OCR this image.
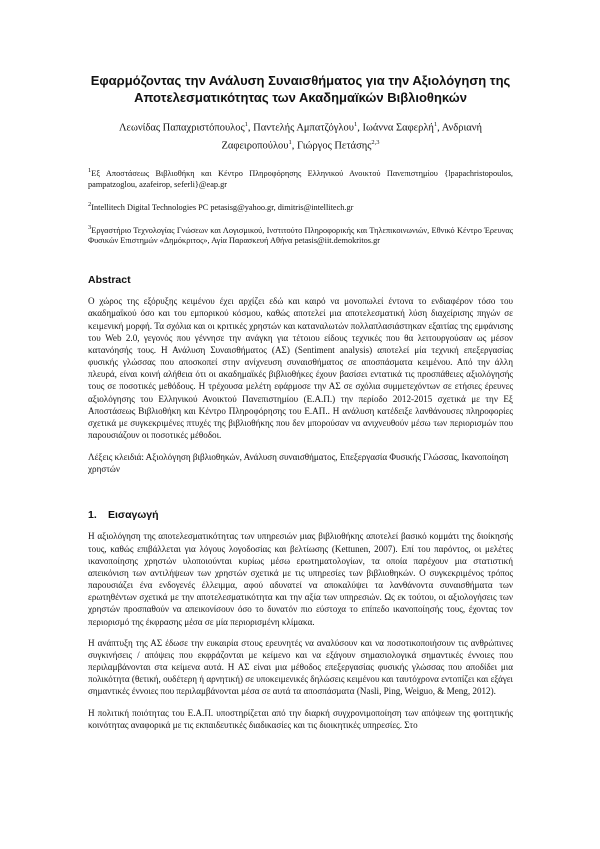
Εφαρμόζοντας την Ανάλυση Συναισθήματος για την Αξιολόγηση της Αποτελεσματικότητας των Ακαδημαϊκών Βιβλιοθηκών
Λεωνίδας Παπαχριστόπουλος$^1$, Παντελής Αμπατζόγλου$^1$, Ιωάννα Σαφερλή$^1$, Ανδριανή Ζαφειροπούλου$^1$, Γιώργος Πετάσης$^{2,3}$

$^1$Εξ Αποστάσεως Βιβλιοθήκη και Κέντρο Πληροφόρησης Ελληνικού Ανοικτού Πανεπιστημίου {lpapachristopoulos, pampatzoglou, azafeirop, seferli}@eap.gr

$^2$Intellitech Digital Technologies PC petasisg@yahoo.gr, dimitris@intellitech.gr

$^3$Εργαστήριο Τεχνολογίας Γνώσεων και Λογισμικού, Ινστιτούτο Πληροφορικής και Τηλεπικοινωνιών, Εθνικό Κέντρο Έρευνας Φυσικών Επιστημών «Δημόκριτος», Αγία Παρασκευή Αθήνα petasis@iit.demokritos.gr

Abstract

Ο χώρος της εξόρυξης κειμένου έχει αρχίζει εδώ και καιρό να μονοπωλεί έντονα το ενδιαφέρον τόσο του ακαδημαϊκού όσο και του εμπορικού κόσμου, καθώς αποτελεί μια αποτελεσματική λύση διαχείρισης πηγών σε κειμενική μορφή. Τα σχόλια και οι κριτικές χρηστών και καταναλωτών πολλαπλασιάστηκαν εξαιτίας της εμφάνισης του Web 2.0, γεγονός που γέννησε την ανάγκη για τέτοιου είδους τεχνικές που θα λειτουργούσαν ως μέσον κατανόησής τους. Η Ανάλυση Συναισθήματος (ΑΣ) (Sentiment analysis) αποτελεί μία τεχνική επεξεργασίας φυσικής γλώσσας που αποσκοπεί στην ανίχνευση συναισθήματος σε αποσπάσματα κειμένου. Από την άλλη πλευρά, είναι κοινή αλήθεια ότι οι ακαδημαϊκές βιβλιοθήκες έχουν βασίσει εντατικά τις προσπάθειες αξιολόγησής τους σε ποσοτικές μεθόδους. Η τρέχουσα μελέτη εφάρμοσε την ΑΣ σε σχόλια συμμετεχόντων σε ετήσιες έρευνες αξιολόγησης του Ελληνικού Ανοικτού Πανεπιστημίου (Ε.Α.Π.) την περίοδο 2012-2015 σχετικά με την Εξ Αποστάσεως Βιβλιοθήκη και Κέντρο Πληροφόρησης του Ε.ΑΠ.. Η ανάλυση κατέδειξε λανθάνουσες πληροφορίες σχετικά με συγκεκριμένες πτυχές της βιβλιοθήκης που δεν μπορούσαν να ανιχνευθούν μέσω των περιορισμών που παρουσιάζουν οι ποσοτικές μέθοδοι.

Λέξεις κλειδιά: Αξιολόγηση βιβλιοθηκών, Ανάλυση συναισθήματος, Επεξεργασία Φυσικής Γλώσσας, Ικανοποίηση χρηστών

1. Εισαγωγή

Η αξιολόγηση της αποτελεσματικότητας των υπηρεσιών μιας βιβλιοθήκης αποτελεί βασικό κομμάτι της διοίκησής τους, καθώς επιβάλλεται για λόγους λογοδοσίας και βελτίωσης (Kettunen, 2007). Επί του παρόντος, οι μελέτες ικανοποίησης χρηστών υλοποιούνται κυρίως μέσω ερωτηματολογίων, τα οποία παρέχουν μια στατιστική απεικόνιση των αντιλήψεων των χρηστών σχετικά με τις υπηρεσίες των βιβλιοθηκών. Ο συγκεκριμένος τρόπος παρουσιάζει ένα ενδογενές έλλειμμα, αφού αδυνατεί να αποκαλύψει τα λανθάνοντα συναισθήματα των ερωτηθέντων σχετικά με την αποτελεσματικότητα και την αξία των υπηρεσιών. Ως εκ τούτου, οι αξιολογήσεις των χρηστών προσπαθούν να απεικονίσουν όσο το δυνατόν πιο εύστοχα το επίπεδο ικανοποίησής τους, έχοντας τον περιορισμό της έκφρασης μέσα σε μία περιορισμένη κλίμακα.

Η ανάπτυξη της ΑΣ έδωσε την ευκαιρία στους ερευνητές να αναλύσουν και να ποσοτικοποιήσουν τις ανθρώπινες συγκινήσεις / απόψεις που εκφράζονται με κείμενο και να εξάγουν σημασιολογικά σημαντικές έννοιες που περιλαμβάνονται στα κείμενα αυτά. Η ΑΣ είναι μια μέθοδος επεξεργασίας φυσικής γλώσσας που αποδίδει μια πολικότητα (θετική, ουδέτερη ή αρνητική) σε υποκειμενικές δηλώσεις κειμένου και ταυτόχρονα εντοπίζει και εξάγει σημαντικές έννοιες που περιλαμβάνονται μέσα σε αυτά τα αποσπάσματα (Nasli, Ping, Weiguo, & Meng, 2012).

Η πολιτική ποιότητας του Ε.Α.Π. υποστηρίζεται από την διαρκή συγχρονιμοποίηση των απόψεων της φοιτητικής κοινότητας αναφορικά με τις εκπαιδευτικές διαδικασίες και τις διοικητικές υπηρεσίες. Στο
